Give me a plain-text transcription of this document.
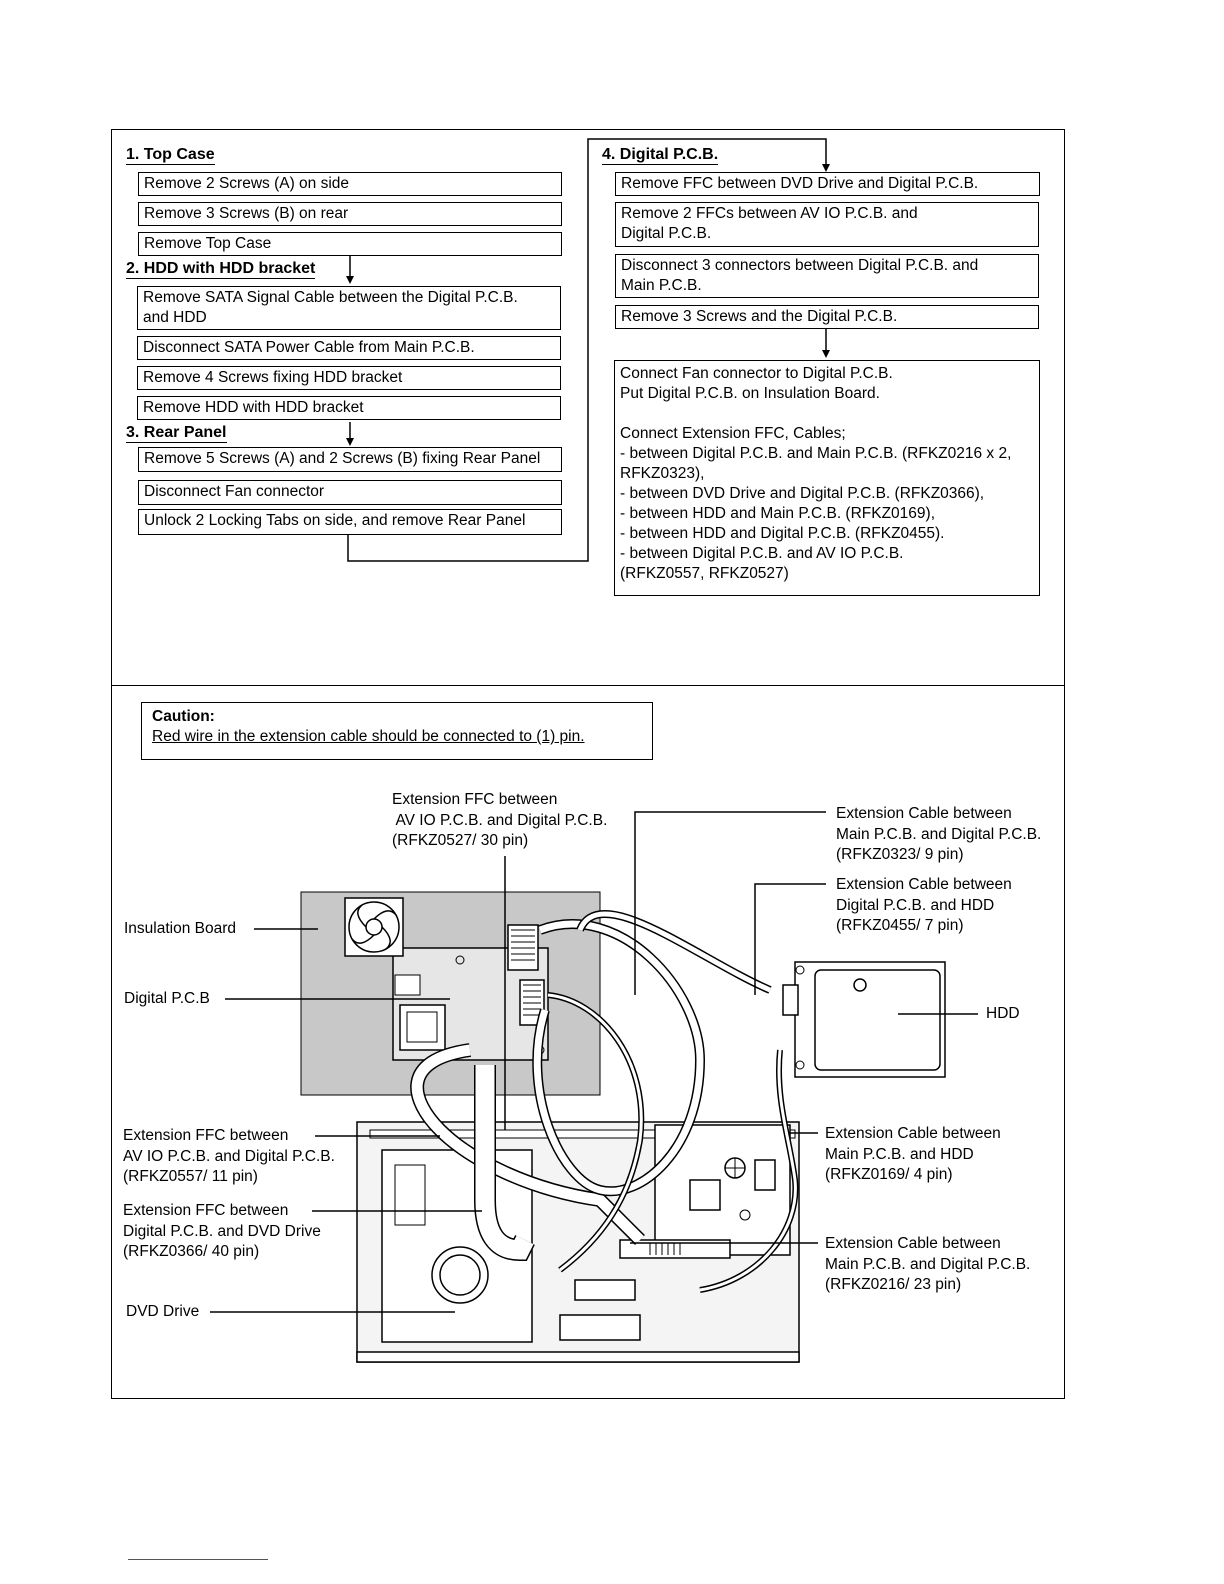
1. Top Case
Remove 2 Screws (A) on side
Remove 3 Screws (B) on rear
Remove Top Case
2. HDD with HDD bracket
Remove SATA Signal Cable between the Digital P.C.B.
and HDD
Disconnect SATA Power Cable from Main P.C.B.
Remove 4 Screws fixing HDD bracket
Remove HDD with HDD bracket
3. Rear Panel
Remove 5 Screws (A) and 2 Screws (B) fixing Rear Panel
Disconnect Fan connector
Unlock 2 Locking Tabs on side, and remove Rear Panel
4. Digital P.C.B.
Remove FFC between DVD Drive and Digital P.C.B.
Remove 2 FFCs between AV IO P.C.B. and
Digital P.C.B.
Disconnect 3 connectors between Digital P.C.B. and
Main P.C.B.
Remove 3 Screws and the Digital P.C.B.
Connect Fan connector to Digital P.C.B.
Put Digital P.C.B. on Insulation Board.

Connect Extension FFC, Cables;
- between Digital P.C.B. and Main P.C.B. (RFKZ0216 x 2,
RFKZ0323),
- between DVD Drive and Digital P.C.B. (RFKZ0366),
- between HDD and Main P.C.B. (RFKZ0169),
- between HDD and Digital P.C.B. (RFKZ0455).
- between Digital P.C.B. and AV IO P.C.B.
(RFKZ0557, RFKZ0527)
Caution:
Red wire in the extension cable should be connected to (1) pin.
Extension FFC between
AV IO P.C.B. and Digital P.C.B.
(RFKZ0527/ 30 pin)
Extension Cable between
Main P.C.B. and Digital P.C.B.
(RFKZ0323/ 9 pin)
Extension Cable between
Digital P.C.B. and HDD
(RFKZ0455/ 7 pin)
Insulation Board
Digital P.C.B
HDD
Extension FFC between
AV IO P.C.B. and Digital P.C.B.
(RFKZ0557/ 11 pin)
Extension FFC between
Digital P.C.B. and DVD Drive
(RFKZ0366/ 40 pin)
DVD Drive
Extension Cable between
Main P.C.B. and HDD
(RFKZ0169/ 4 pin)
Extension Cable between
Main P.C.B. and Digital P.C.B.
(RFKZ0216/ 23 pin)
